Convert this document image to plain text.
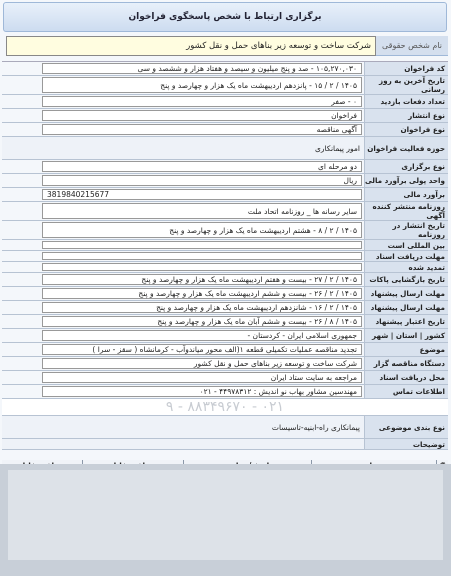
برگزاری ارتباط با شخص پاسخگوی فراخوان
نام شخص حقوقی
شرکت ساخت و توسعه زیر بناهای حمل و نقل کشور
کد فراخوان
۱۰۵,۲۷۰,۰۳۰ - صد و پنج میلیون و سیصد و هفتاد هزار و ششصد و سی
تاریخ آخرین به روز رسانی
۱۴۰۵ / ۲ / ۱۵ - پانزدهم اردیبهشت ماه یک هزار و چهارصد و پنج
تعداد دفعات بازدید
۰ - صفر
نوع انتشار
فراخوان
نوع فراخوان
آگهی مناقصه
حوزه فعالیت فراخوان
امور پیمانکاری
نوع برگزاری
دو مرحله ای
واحد پولی برآورد مالی
ریال
برآورد مالی
3819840215677
روزنامه منتشر کننده آگهی
سایر رسانه ها _ روزنامه اتحاد ملت
تاریخ انتشار در روزنامه
۱۴۰۵ / ۲ / ۸ - هشتم اردیبهشت ماه یک هزار و چهارصد و پنج
بین المللی است
مهلت دریافت اسناد
تمدید شده
تاریخ بازگشایی پاکات
۱۴۰۵ / ۲ / ۲۷ - بیست و هفتم اردیبهشت ماه یک هزار و چهارصد و پنج
مهلت ارسال پیشنهاد
۱۴۰۵ / ۲ / ۲۶ - بیست و ششم اردیبهشت ماه یک هزار و چهارصد و پنج
مهلت ارسال پیشنهاد
۱۴۰۵ / ۲ / ۱۶ - شانزدهم اردیبهشت ماه یک هزار و چهارصد و پنج
تاریخ اعتبار پیشنهاد
۱۴۰۵ / ۸ / ۲۶ - بیست و ششم آبان ماه یک هزار و چهارصد و پنج
کشور | استان | شهر
جمهوری اسلامی ایران - کردستان -
موضوع
تجدید مناقصه عملیات تکمیلی قطعه ۱(الف محور میاندوآب - کرمانشاه ( سقز - سرا )
دستگاه مناقصه گزار
شرکت ساخت و توسعه زیر بناهای حمل و نقل کشور
محل دریافت اسناد
مراجعه به سایت ستاد ایران
اطلاعات تماس
مهندسین مشاور بهاب نو اندیش : ۴۴۹۷۸۳۱۲ - ۰۲۱
۰۲۱ - ۸۸۳۴۹۶۷۰ - ۹
نوع بندی موضوعی
پیمانکاری راه-ابنیه-تاسیسات
توضیحات
